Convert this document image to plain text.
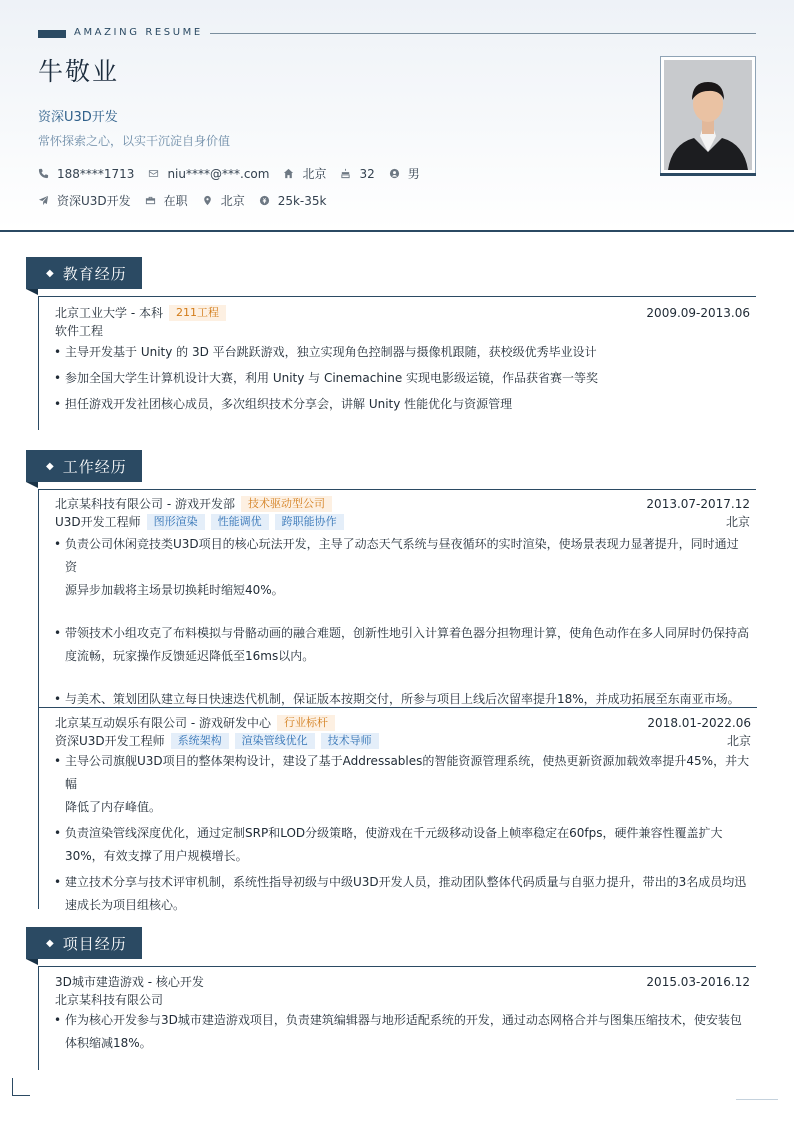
AMAZING RESUME
牛敬业
资深U3D开发
常怀探索之心，以实干沉淀自身价值
188****1713	niu****@***.com	北京	32	男
资深U3D开发	在职	北京	25k-35k
◆ 教育经历
北京工业大学 - 本科	211工程	2009.09-2013.06
软件工程
• 主导开发基于 Unity 的 3D 平台跳跃游戏，独立实现角色控制器与摄像机跟随，获校级优秀毕业设计
• 参加全国大学生计算机设计大赛，利用 Unity 与 Cinemachine 实现电影级运镜，作品获省赛一等奖
• 担任游戏开发社团核心成员，多次组织技术分享会，讲解 Unity 性能优化与资源管理
◆ 工作经历
北京某科技有限公司 - 游戏开发部	技术驱动型公司	2013.07-2017.12
U3D开发工程师	图形渲染	性能调优	跨职能协作	北京
• 负责公司休闲竞技类U3D项目的核心玩法开发，主导了动态天气系统与昼夜循环的实时渲染，使场景表现力显著提升，同时通过资
源异步加载将主场景切换耗时缩短40%。
• 带领技术小组攻克了布料模拟与骨骼动画的融合难题，创新性地引入计算着色器分担物理计算，使角色动作在多人同屏时仍保持高
度流畅，玩家操作反馈延迟降低至16ms以内。
• 与美术、策划团队建立每日快速迭代机制，保证版本按期交付，所参与项目上线后次留率提升18%，并成功拓展至东南亚市场。
北京某互动娱乐有限公司 - 游戏研发中心	行业标杆	2018.01-2022.06
资深U3D开发工程师	系统架构	渲染管线优化	技术导师	北京
• 主导公司旗舰U3D项目的整体架构设计，建设了基于Addressables的智能资源管理系统，使热更新资源加载效率提升45%，并大幅
降低了内存峰值。
• 负责渲染管线深度优化，通过定制SRP和LOD分级策略，使游戏在千元级移动设备上帧率稳定在60fps，硬件兼容性覆盖扩大
30%，有效支撑了用户规模增长。
• 建立技术分享与技术评审机制，系统性指导初级与中级U3D开发人员，推动团队整体代码质量与自驱力提升，带出的3名成员均迅
速成长为项目组核心。
◆ 项目经历
3D城市建造游戏 - 核心开发	2015.03-2016.12
北京某科技有限公司
• 作为核心开发参与3D城市建造游戏项目，负责建筑编辑器与地形适配系统的开发，通过动态网格合并与图集压缩技术，使安装包
体积缩减18%。
